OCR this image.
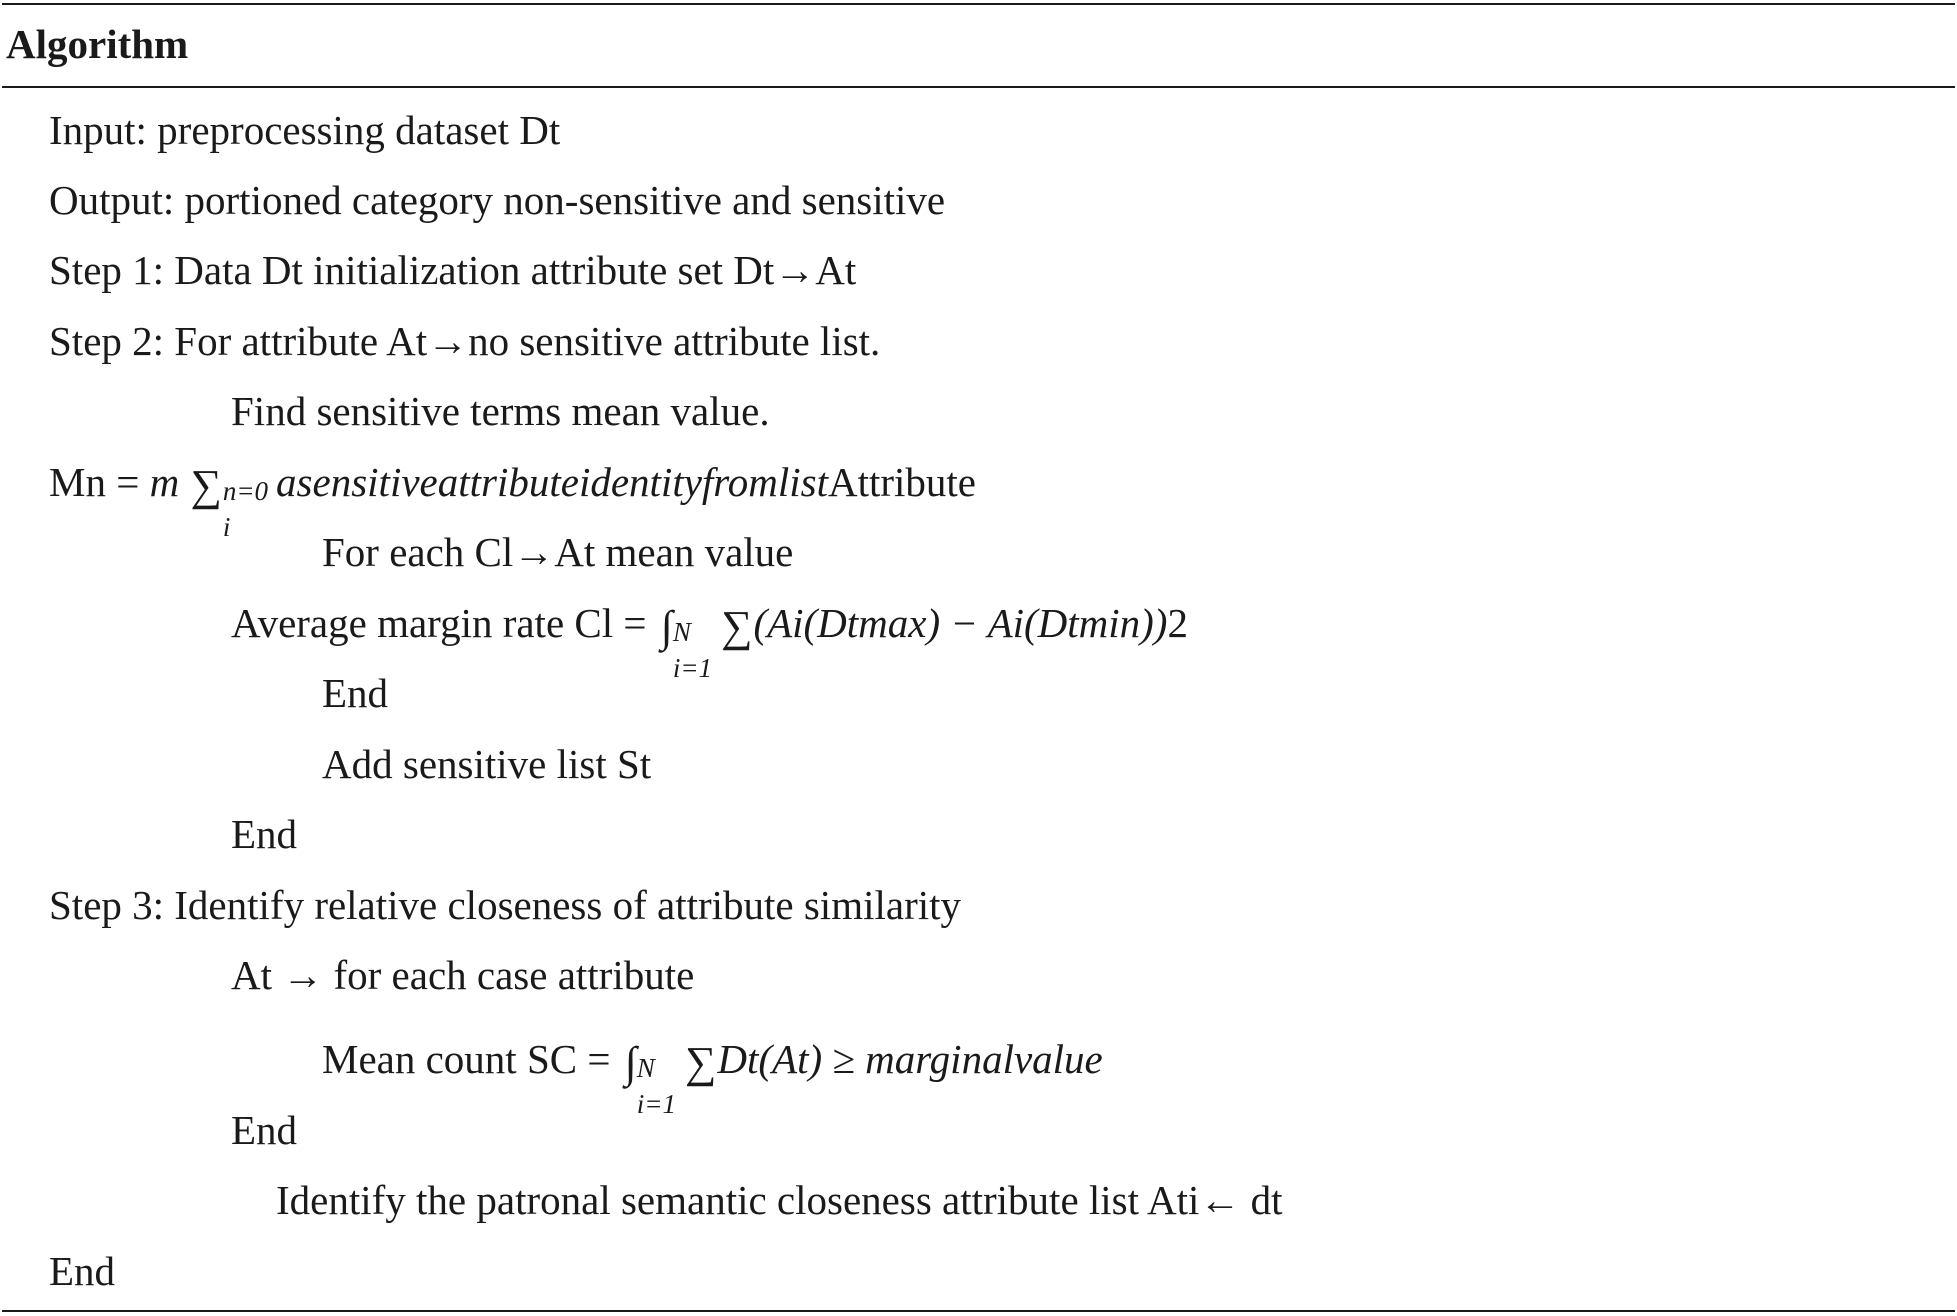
Algorithm
Input: preprocessing dataset Dt
Output: portioned category non-sensitive and sensitive
Step 1: Data Dt initialization attribute set Dt→At
Step 2: For attribute At→no sensitive attribute list.
Find sensitive terms mean value.
Mn = m ∑ n=0
i
asensitiveattributeidentityfromlistAttribute
For each Cl→At mean value
Average margin rate Cl = ∫ N
i=1
∑(Ai(Dtmax) − Ai(Dtmin))2
End
Add sensitive list St
End
Step 3: Identify relative closeness of attribute similarity
At → for each case attribute
Mean count SC = ∫ N
i=1
∑Dt(At) ≥ marginalvalue
End
Identify the patronal semantic closeness attribute list Ati← dt
End
